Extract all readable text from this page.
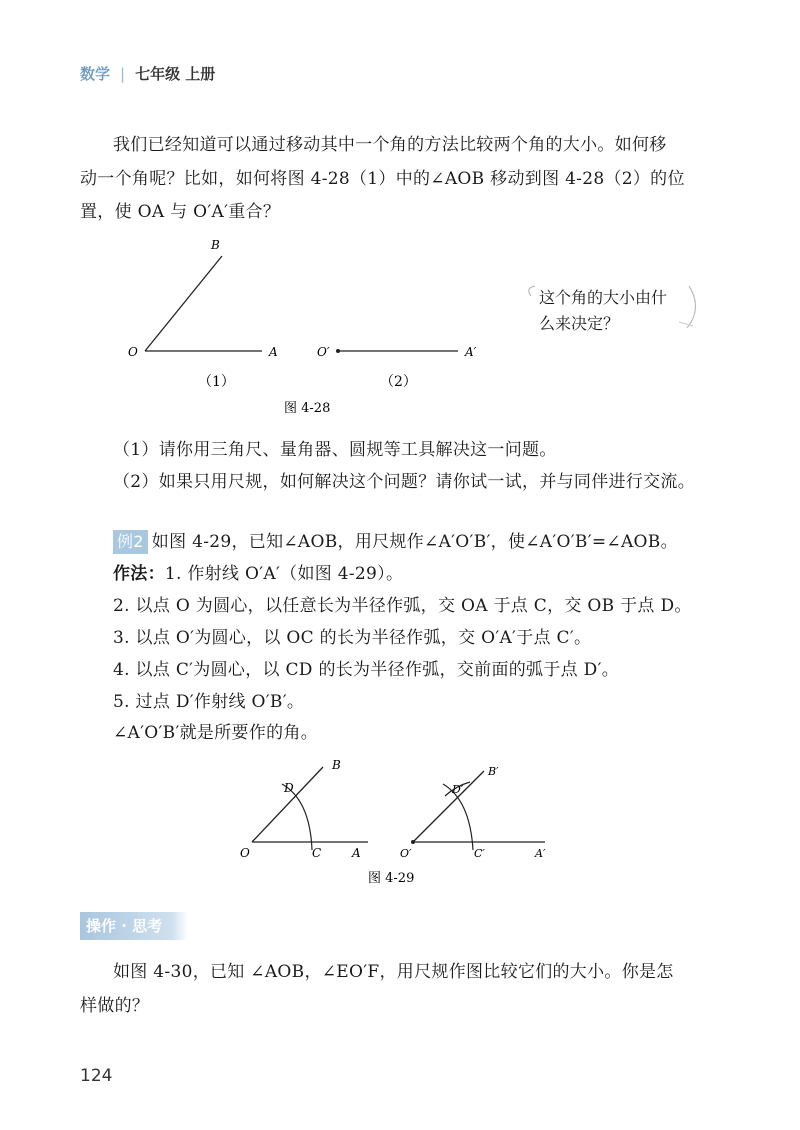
数学 | 七年级 上册
我们已经知道可以通过移动其中一个角的方法比较两个角的大小。如何移
动一个角呢？比如，如何将图 4-28（1）中的∠AOB 移动到图 4-28（2）的位
置，使 OA 与 O′A′重合？
B
O	A	O′	A′
（1）	（2）
图 4-28
这个角的大小由什
么来决定？
（1）请你用三角尺、量角器、圆规等工具解决这一问题。
（2）如果只用尺规，如何解决这个问题？请你试一试，并与同伴进行交流。
例2 如图 4-29，已知∠AOB，用尺规作∠A′O′B′，使∠A′O′B′=∠AOB。
作法：1. 作射线 O′A′（如图 4-29）。
2. 以点 O 为圆心，以任意长为半径作弧，交 OA 于点 C，交 OB 于点 D。
3. 以点 O′为圆心，以 OC 的长为半径作弧，交 O′A′于点 C′。
4. 以点 C′为圆心，以 CD 的长为半径作弧，交前面的弧于点 D′。
5. 过点 D′作射线 O′B′。
∠A′O′B′就是所要作的角。
B
D
O	C	A
B′
D′
O′	C′	A′
图 4-29
操作 · 思考
如图 4-30，已知 ∠AOB，∠EO′F，用尺规作图比较它们的大小。你是怎
样做的？
124
